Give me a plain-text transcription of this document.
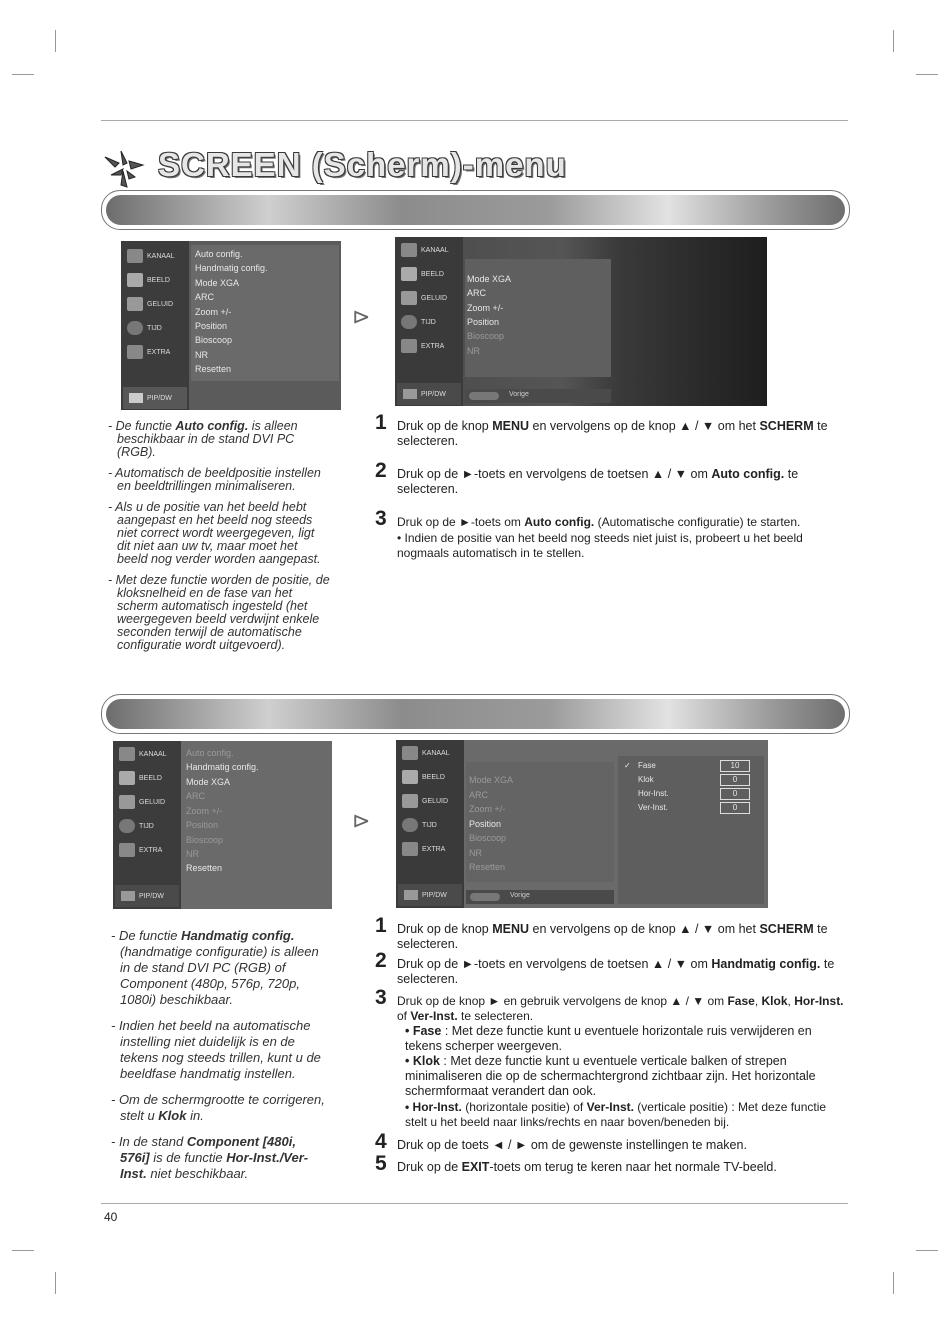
SCREEN (Scherm)-menu
KANAAL
BEELD
GELUID
TIJD
EXTRA
PIP/DW
Auto config.
Handmatig config.
Mode XGA
ARC
Zoom +/-
Position
Bioscoop
NR
Resetten
⊳
KANAAL
BEELD
GELUID
TIJD
EXTRA
PIP/DW
Mode XGA
ARC
Zoom +/-
Position
Bioscoop
NR
Vorige

- De functie Auto config. is alleen beschikbaar in de stand DVI PC (RGB).

- Automatisch de beeldpositie instellen en beeldtrillingen minimaliseren.

- Als u de positie van het beeld hebt aangepast en het beeld nog steeds niet correct wordt weergegeven, ligt dit niet aan uw tv, maar moet het beeld nog verder worden aangepast.

- Met deze functie worden de positie, de kloksnelheid en de fase van het scherm automatisch ingesteld (het weergegeven beeld verdwijnt enkele seconden terwijl de automatische configuratie wordt uitgevoerd).

1 Druk op de knop MENU en vervolgens op de knop ▲ / ▼ om het SCHERM te selecteren.
2 Druk op de ►-toets en vervolgens de toetsen ▲ / ▼ om Auto config. te selecteren.
3 Druk op de ►-toets om Auto config. (Automatische configuratie) te starten.
• Indien de positie van het beeld nog steeds niet juist is, probeert u het beeld nogmaals automatisch in te stellen.
KANAAL
BEELD
GELUID
TIJD
EXTRA
PIP/DW
Auto config.
Handmatig config.
Mode XGA
ARC
Zoom +/-
Position
Bioscoop
NR
Resetten
⊳
KANAAL
BEELD
GELUID
TIJD
EXTRA
PIP/DW
Mode XGA
ARC
Zoom +/-
Position
Bioscoop
NR
Resetten
Vorige
✓ Fase
Klok
Hor-Inst.
Ver-Inst.
10
0
0
0

- De functie Handmatig config. (handmatige configuratie) is alleen in de stand DVI PC (RGB) of Component (480p, 576p, 720p, 1080i) beschikbaar.

- Indien het beeld na automatische instelling niet duidelijk is en de tekens nog steeds trillen, kunt u de beeldfase handmatig instellen.

- Om de schermgrootte te corrigeren, stelt u Klok in.

- In de stand Component [480i, 576i] is de functie Hor-Inst./Ver-Inst. niet beschikbaar.

1 Druk op de knop MENU en vervolgens op de knop ▲ / ▼ om het SCHERM te selecteren.
2 Druk op de ►-toets en vervolgens de toetsen ▲ / ▼ om Handmatig config. te selecteren.
3 Druk op de knop ► en gebruik vervolgens de knop ▲ / ▼ om Fase, Klok, Hor-Inst. of Ver-Inst. te selecteren.
• Fase : Met deze functie kunt u eventuele horizontale ruis verwijderen en tekens scherper weergeven.
• Klok : Met deze functie kunt u eventuele verticale balken of strepen minimaliseren die op de schermachtergrond zichtbaar zijn. Het horizontale schermformaat verandert dan ook.
• Hor-Inst. (horizontale positie) of Ver-Inst. (verticale positie) : Met deze functie stelt u het beeld naar links/rechts en naar boven/beneden bij.
4 Druk op de toets ◄ / ► om de gewenste instellingen te maken.
5 Druk op de EXIT-toets om terug te keren naar het normale TV-beeld.
40
